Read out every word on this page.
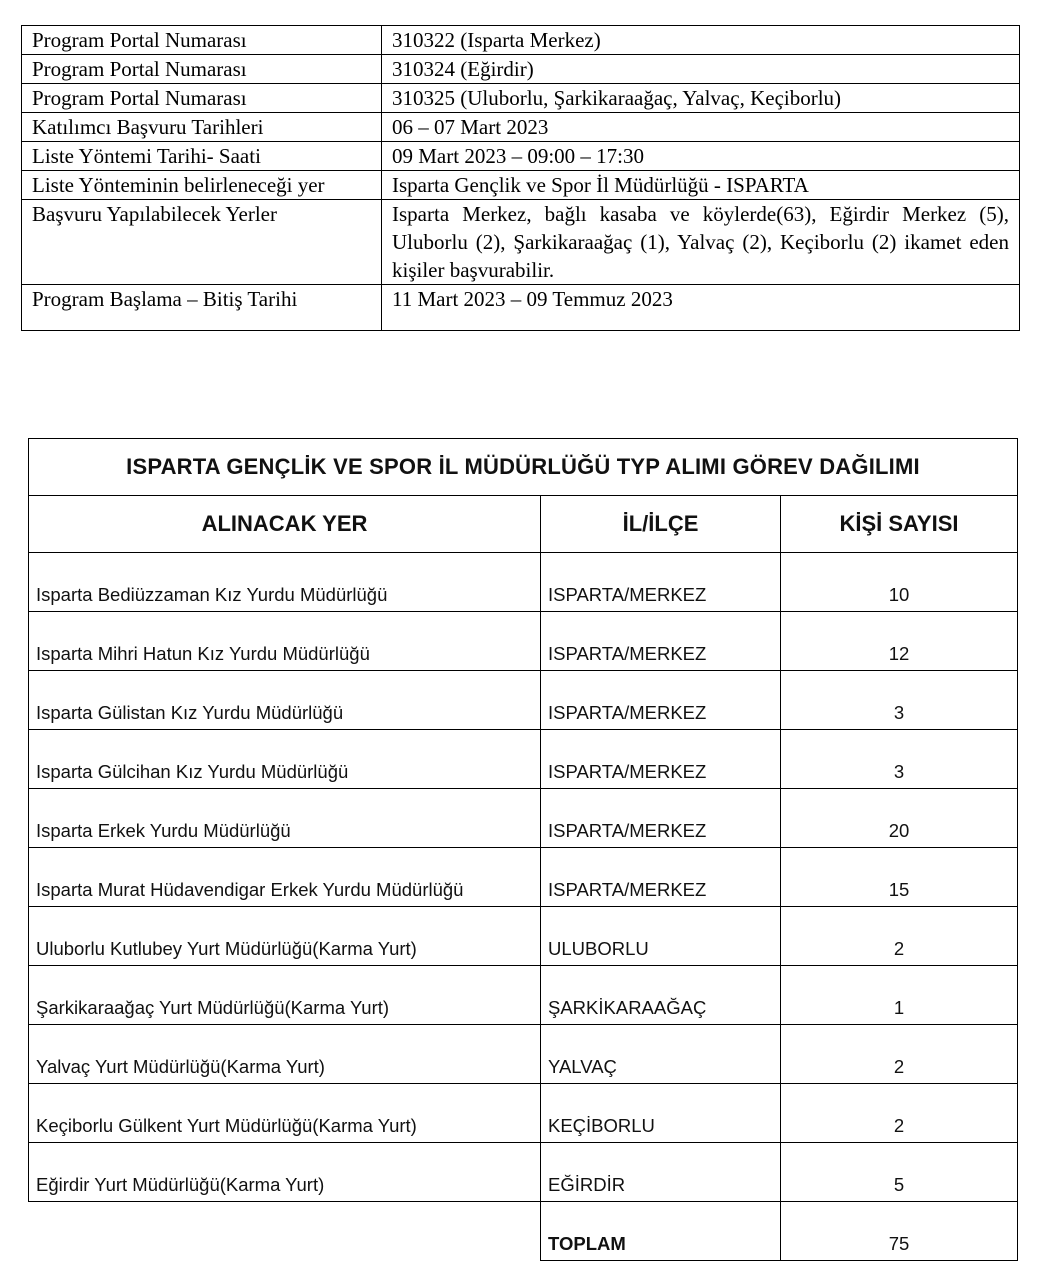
Program Portal Numarası	310322 (Isparta Merkez)
Program Portal Numarası	310324 (Eğirdir)
Program Portal Numarası	310325 (Uluborlu, Şarkikaraağaç, Yalvaç, Keçiborlu)
Katılımcı Başvuru Tarihleri	06 – 07 Mart 2023
Liste Yöntemi Tarihi- Saati	09 Mart 2023 – 09:00 – 17:30
Liste Yönteminin belirleneceği yer	Isparta Gençlik ve Spor İl Müdürlüğü - ISPARTA
Başvuru Yapılabilecek Yerler	Isparta Merkez, bağlı kasaba ve köylerde(63), Eğirdir Merkez (5), Uluborlu (2), Şarkikaraağaç (1), Yalvaç (2), Keçiborlu (2) ikamet eden kişiler başvurabilir.
Program Başlama – Bitiş Tarihi	11 Mart 2023 – 09 Temmuz 2023
ISPARTA GENÇLİK VE SPOR İL MÜDÜRLÜĞÜ TYP ALIMI GÖREV DAĞILIMI		
ALINACAK YER	İL/İLÇE	KİŞİ SAYISI
Isparta Bediüzzaman Kız Yurdu Müdürlüğü	ISPARTA/MERKEZ	10
Isparta Mihri Hatun Kız Yurdu Müdürlüğü	ISPARTA/MERKEZ	12
Isparta Gülistan Kız Yurdu Müdürlüğü	ISPARTA/MERKEZ	3
Isparta Gülcihan Kız Yurdu Müdürlüğü	ISPARTA/MERKEZ	3
Isparta Erkek Yurdu Müdürlüğü	ISPARTA/MERKEZ	20
Isparta Murat Hüdavendigar Erkek Yurdu Müdürlüğü	ISPARTA/MERKEZ	15
Uluborlu Kutlubey Yurt Müdürlüğü(Karma Yurt)	ULUBORLU	2
Şarkikaraağaç Yurt Müdürlüğü(Karma Yurt)	ŞARKİKARAAĞAÇ	1
Yalvaç Yurt Müdürlüğü(Karma Yurt)	YALVAÇ	2
Keçiborlu Gülkent Yurt Müdürlüğü(Karma Yurt)	KEÇİBORLU	2
Eğirdir Yurt Müdürlüğü(Karma Yurt)	EĞİRDİR	5
	TOPLAM	75
